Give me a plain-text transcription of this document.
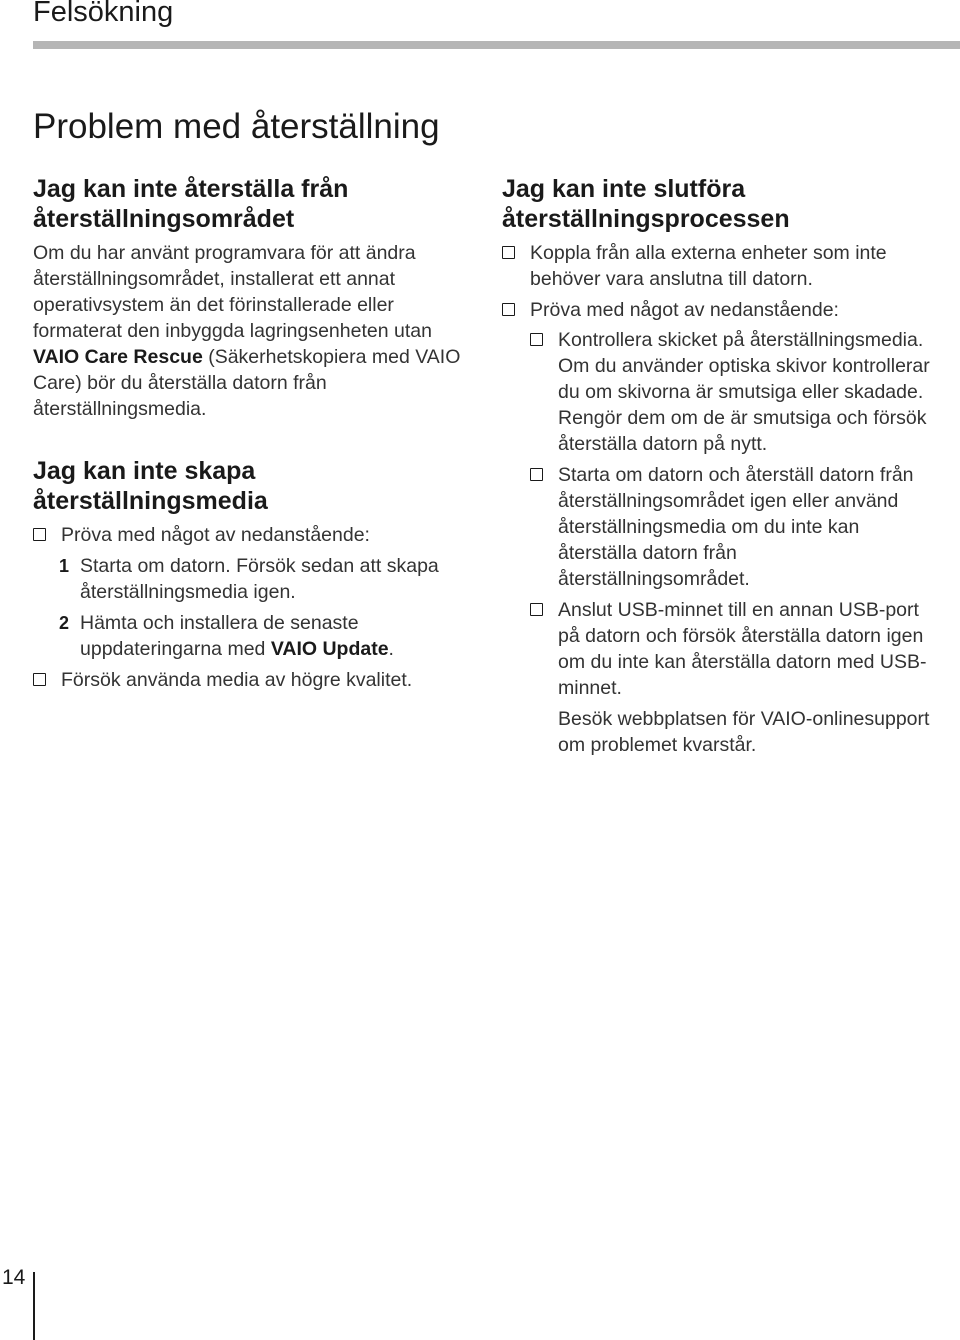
Felsökning
Problem med återställning
Jag kan inte återställa från återställningsområdet

Om du har använt programvara för att ändra återställningsområdet, installerat ett annat operativsystem än det förinstallerade eller formaterat den inbyggda lagringsenheten utan VAIO Care Rescue (Säkerhetskopiera med VAIO Care) bör du återställa datorn från återställningsmedia.

Jag kan inte skapa återställningsmedia
Pröva med något av nedanstående:
1 Starta om datorn. Försök sedan att skapa återställningsmedia igen.
2 Hämta och installera de senaste uppdateringarna med VAIO Update.
Försök använda media av högre kvalitet.
Jag kan inte slutföra återställningsprocessen
Koppla från alla externa enheter som inte behöver vara anslutna till datorn.
Pröva med något av nedanstående:
Kontrollera skicket på återställningsmedia. Om du använder optiska skivor kontrollerar du om skivorna är smutsiga eller skadade. Rengör dem om de är smutsiga och försök återställa datorn på nytt.
Starta om datorn och återställ datorn från återställningsområdet igen eller använd återställningsmedia om du inte kan återställa datorn från återställningsområdet.
Anslut USB-minnet till en annan USB-port på datorn och försök återställa datorn igen om du inte kan återställa datorn med USB-minnet.

Besök webbplatsen för VAIO-onlinesupport om problemet kvarstår.

14
